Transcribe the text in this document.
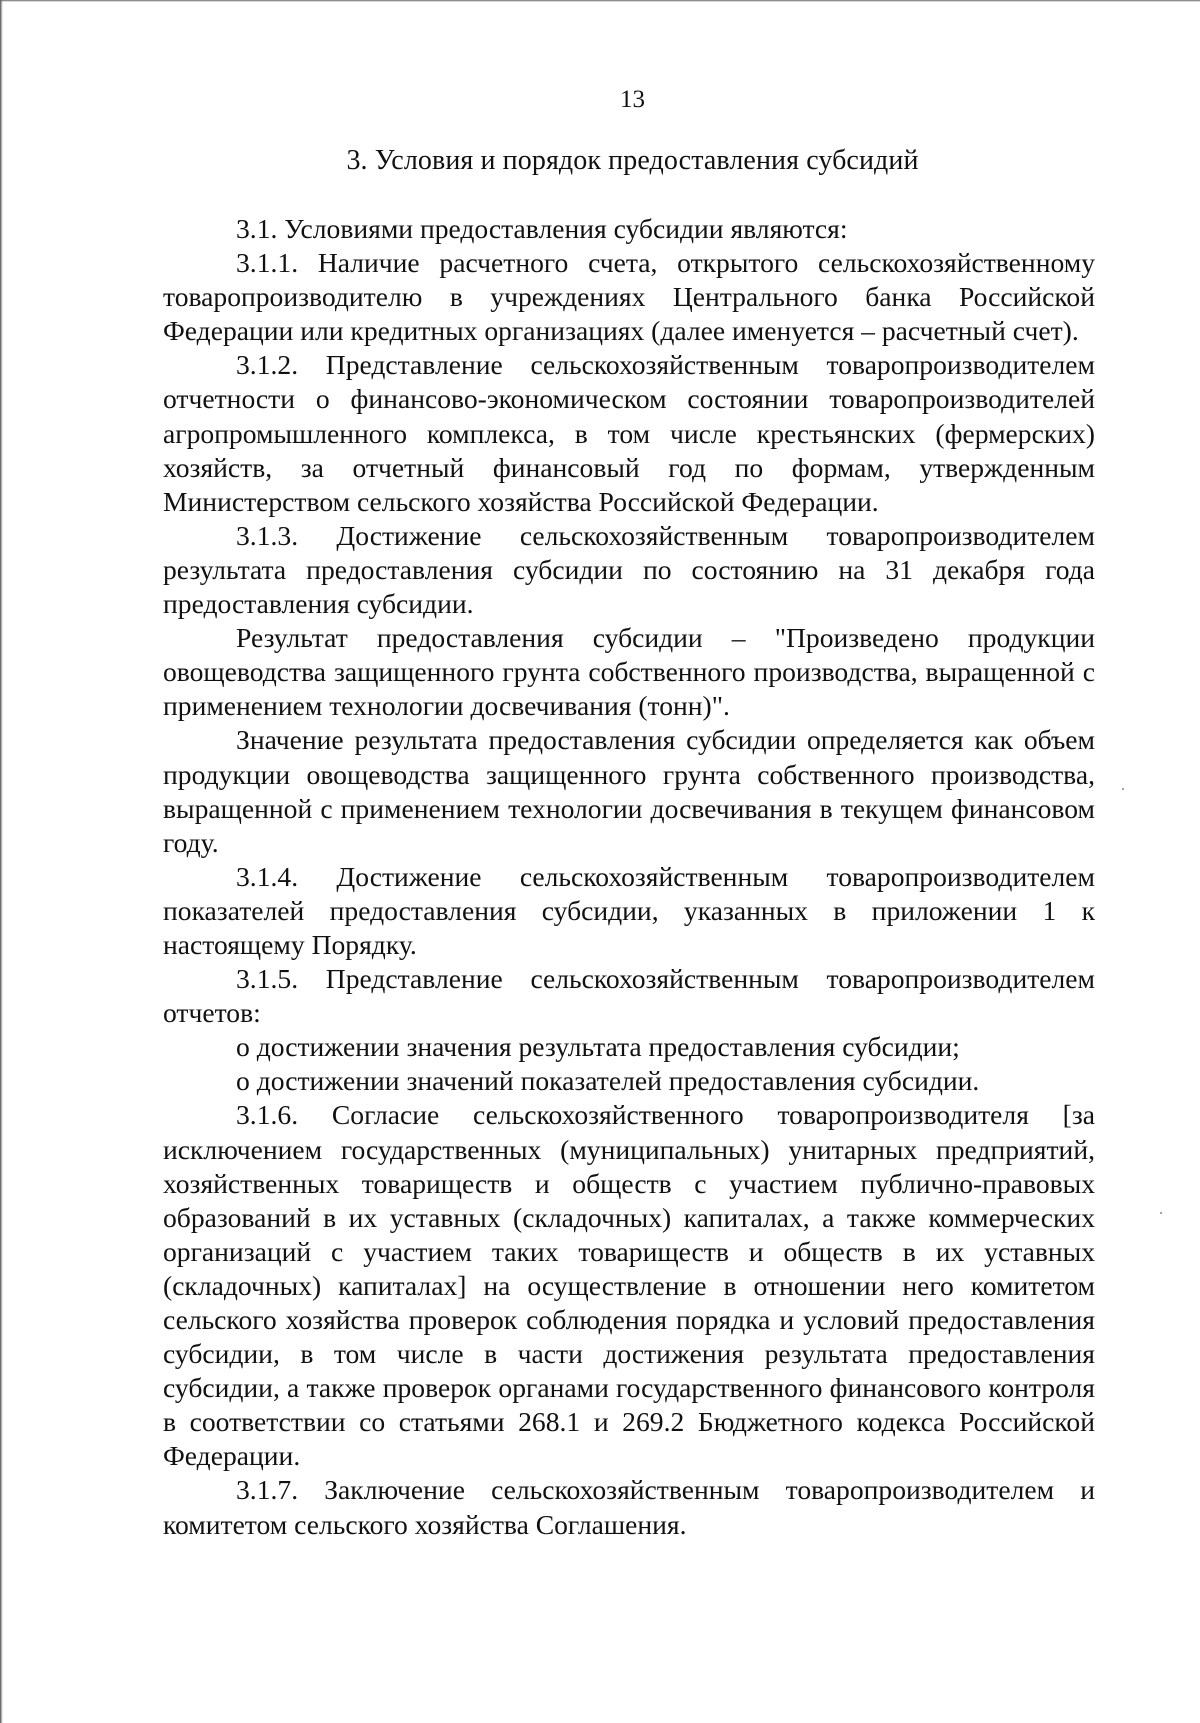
13
3. Условия и порядок предоставления субсидий

3.1. Условиями предоставления субсидии являются:

3.1.1. Наличие расчетного счета, открытого сельскохозяйственному товаропроизводителю в учреждениях Центрального банка Российской Федерации или кредитных организациях (далее именуется – расчетный счет).

3.1.2. Представление сельскохозяйственным товаропроизводителем отчетности о финансово-экономическом состоянии товаропроизводителей агропромышленного комплекса, в том числе крестьянских (фермерских) хозяйств, за отчетный финансовый год по формам, утвержденным Министерством сельского хозяйства Российской Федерации.

3.1.3. Достижение сельскохозяйственным товаропроизводителем результата предоставления субсидии по состоянию на 31 декабря года предоставления субсидии.

Результат предоставления субсидии – "Произведено продукции овощеводства защищенного грунта собственного производства, выращенной с применением технологии досвечивания (тонн)".

Значение результата предоставления субсидии определяется как объем продукции овощеводства защищенного грунта собственного производства, выращенной с применением технологии досвечивания в текущем финансовом году.

3.1.4. Достижение сельскохозяйственным товаропроизводителем показателей предоставления субсидии, указанных в приложении 1 к настоящему Порядку.

3.1.5. Представление сельскохозяйственным товаропроизводителем отчетов:

о достижении значения результата предоставления субсидии;

о достижении значений показателей предоставления субсидии.

3.1.6. Согласие сельскохозяйственного товаропроизводителя [за исключением государственных (муниципальных) унитарных предприятий, хозяйственных товариществ и обществ с участием публично-правовых образований в их уставных (складочных) капиталах, а также коммерческих организаций с участием таких товариществ и обществ в их уставных (складочных) капиталах] на осуществление в отношении него комитетом сельского хозяйства проверок соблюдения порядка и условий предоставления субсидии, в том числе в части достижения результата предоставления субсидии, а также проверок органами государственного финансового контроля в соответствии со статьями 268.1 и 269.2 Бюджетного кодекса Российской Федерации.

3.1.7. Заключение сельскохозяйственным товаропроизводителем и комитетом сельского хозяйства Соглашения.
